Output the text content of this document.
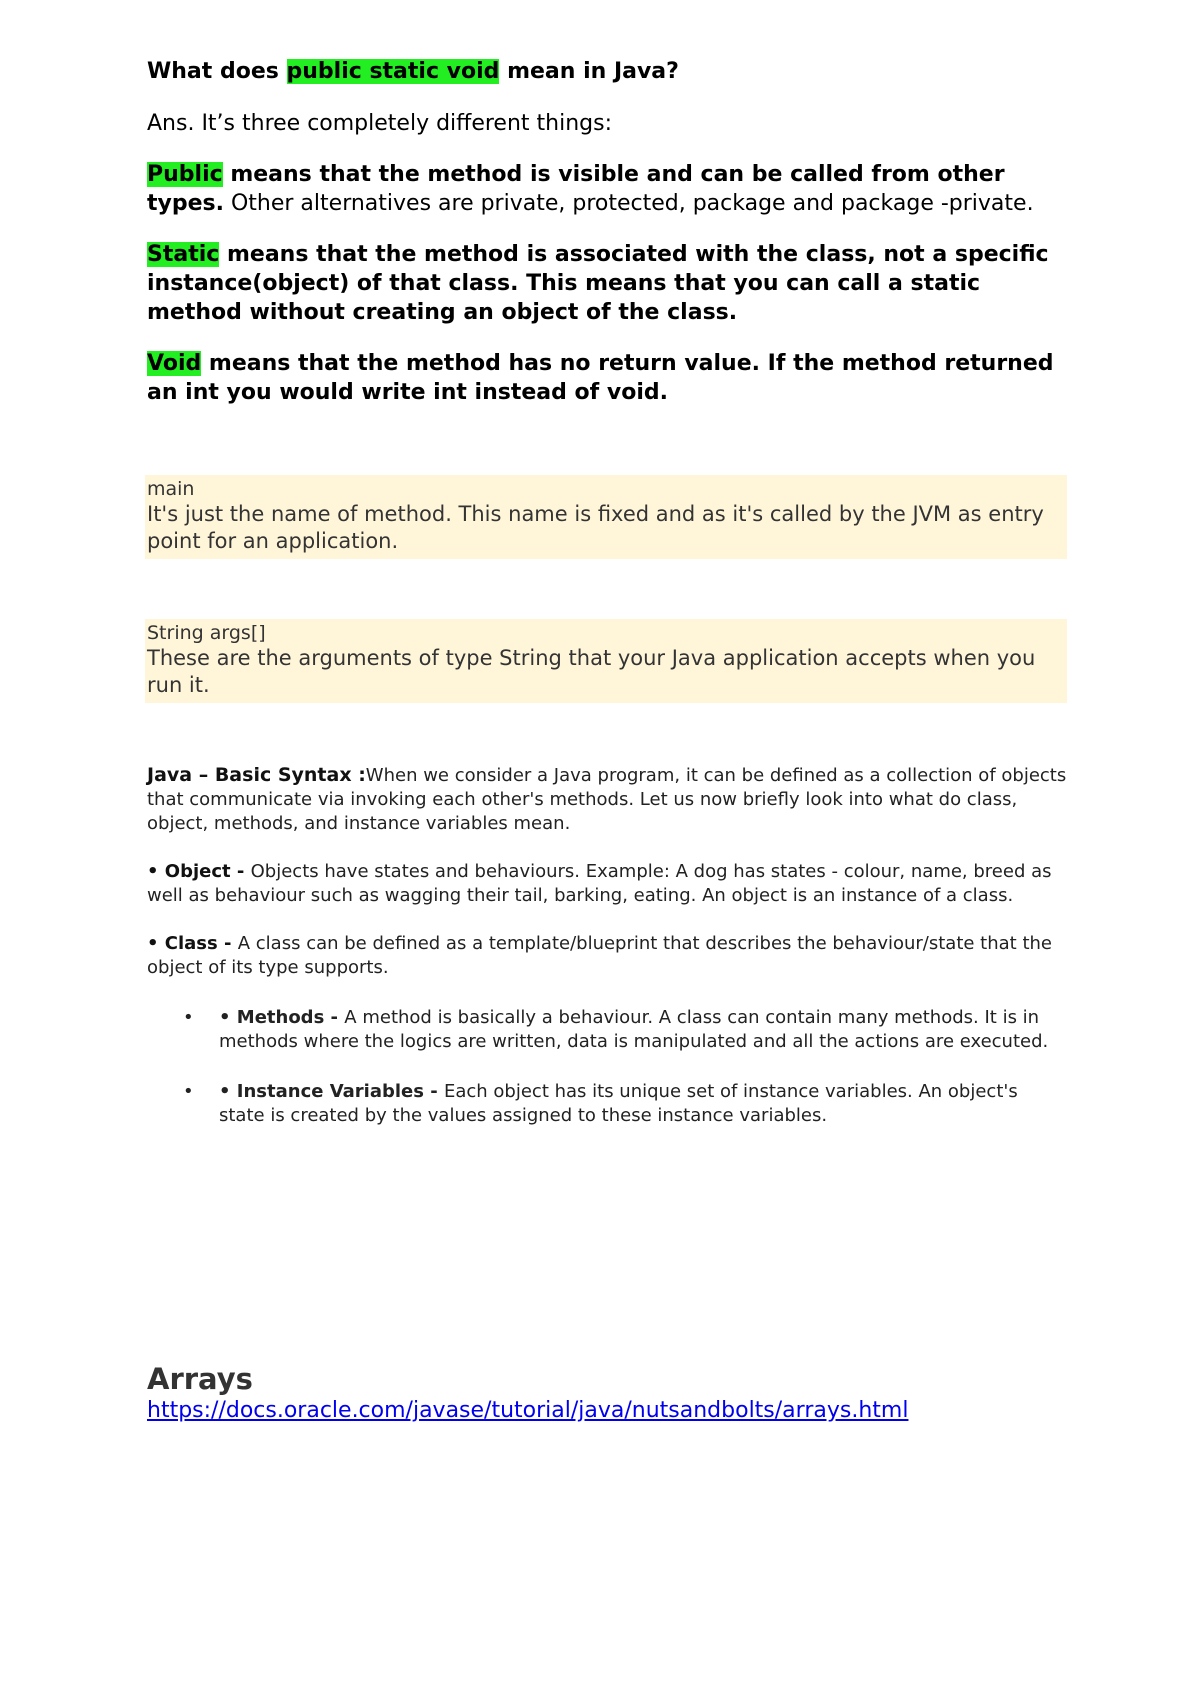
What does public static void mean in Java?

Ans. It’s three completely different things:

Public means that the method is visible and can be called from other types. Other alternatives are private, protected, package and package -private.

Static means that the method is associated with the class, not a specific instance(object) of that class. This means that you can call a static method without creating an object of the class.

Void means that the method has no return value. If the method returned an int you would write int instead of void.

main
It's just the name of method. This name is fixed and as it's called by the JVM as entry point for an application.
String args[]
These are the arguments of type String that your Java application accepts when you run it.

Java – Basic Syntax :When we consider a Java program, it can be defined as a collection of objects that communicate via invoking each other's methods. Let us now briefly look into what do class, object, methods, and instance variables mean.

• Object - Objects have states and behaviours. Example: A dog has states - colour, name, breed as well as behaviour such as wagging their tail, barking, eating. An object is an instance of a class.

• Class - A class can be defined as a template/blueprint that describes the behaviour/state that the object of its type supports.

• • Methods - A method is basically a behaviour. A class can contain many methods. It is in methods where the logics are written, data is manipulated and all the actions are executed.
• • Instance Variables - Each object has its unique set of instance variables. An object's state is created by the values assigned to these instance variables.
Arrays
https://docs.oracle.com/javase/tutorial/java/nutsandbolts/arrays.html
